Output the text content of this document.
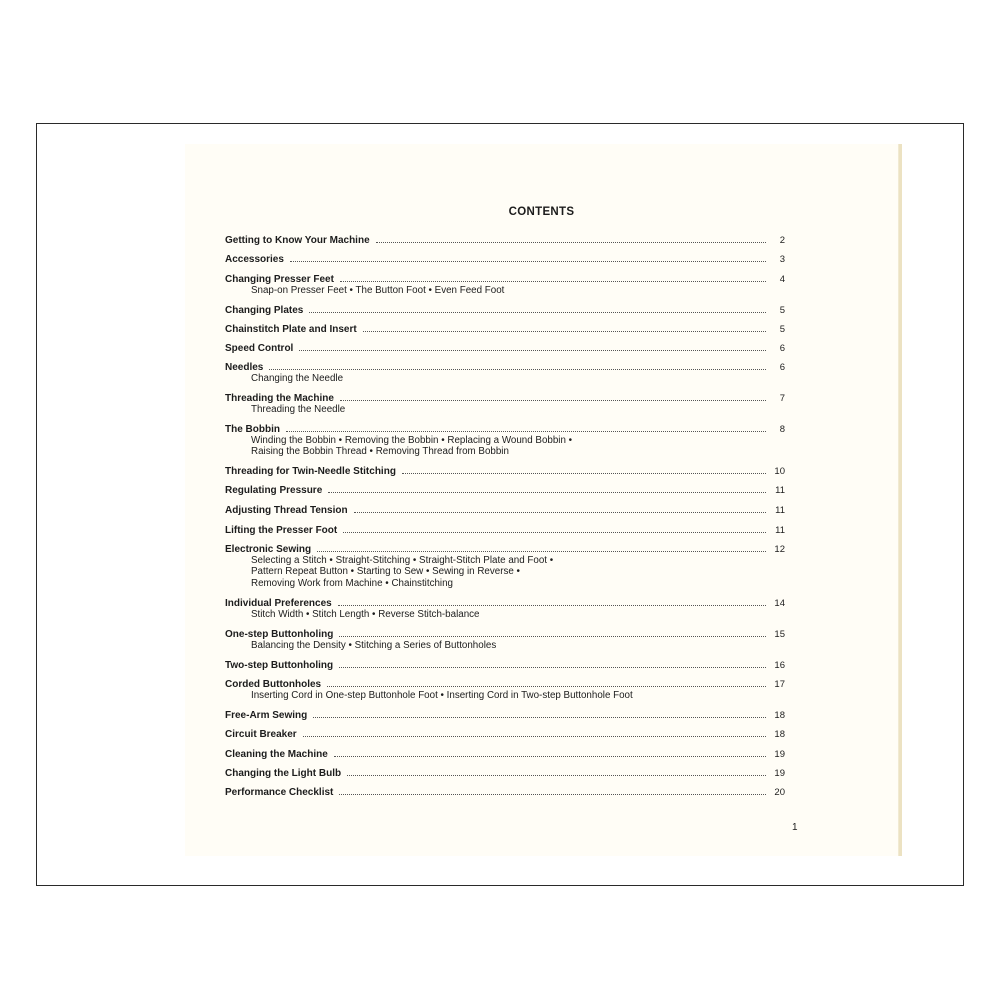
CONTENTS
Getting to Know Your Machine	2
Accessories	3
Changing Presser Feet	4
Snap-on Presser Feet • The Button Foot • Even Feed Foot
Changing Plates	5
Chainstitch Plate and Insert	5
Speed Control	6
Needles	6
Changing the Needle
Threading the Machine	7
Threading the Needle
The Bobbin	8
Winding the Bobbin • Removing the Bobbin • Replacing a Wound Bobbin •
Raising the Bobbin Thread • Removing Thread from Bobbin
Threading for Twin-Needle Stitching	10
Regulating Pressure	11
Adjusting Thread Tension	11
Lifting the Presser Foot	11
Electronic Sewing	12
Selecting a Stitch • Straight-Stitching • Straight-Stitch Plate and Foot •
Pattern Repeat Button • Starting to Sew • Sewing in Reverse •
Removing Work from Machine • Chainstitching
Individual Preferences	14
Stitch Width • Stitch Length • Reverse Stitch-balance
One-step Buttonholing	15
Balancing the Density • Stitching a Series of Buttonholes
Two-step Buttonholing	16
Corded Buttonholes	17
Inserting Cord in One-step Buttonhole Foot • Inserting Cord in Two-step Buttonhole Foot
Free-Arm Sewing	18
Circuit Breaker	18
Cleaning the Machine	19
Changing the Light Bulb	19
Performance Checklist	20
1
